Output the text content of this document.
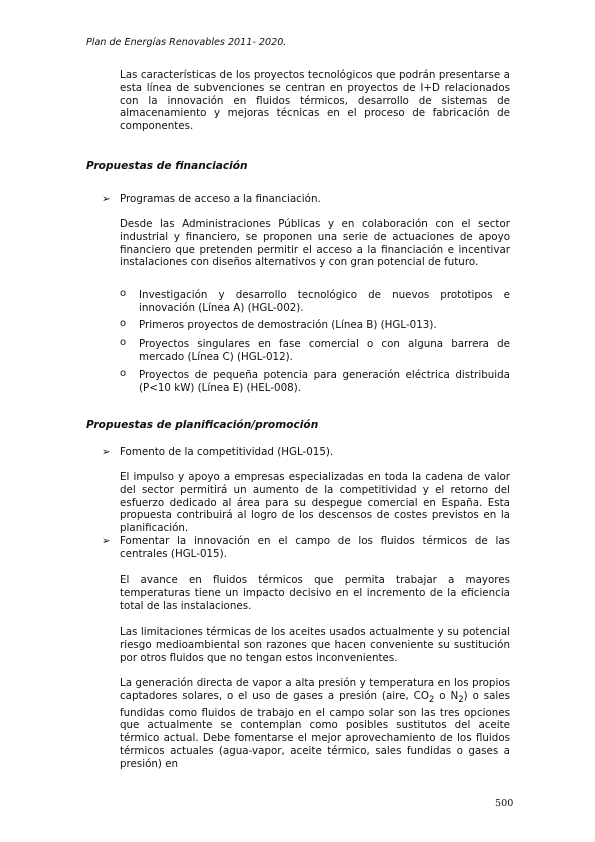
Plan de Energías Renovables 2011- 2020.

Las características de los proyectos tecnológicos que podrán presentarse a esta línea de subvenciones se centran en proyectos de I+D relacionados con la innovación en fluidos térmicos, desarrollo de sistemas de almacenamiento y mejoras técnicas en el proceso de fabricación de componentes.

Propuestas de financiación
➢ Programas de acceso a la financiación.

Desde las Administraciones Públicas y en colaboración con el sector industrial y financiero, se proponen una serie de actuaciones de apoyo financiero que pretenden permitir el acceso a la financiación e incentivar instalaciones con diseños alternativos y con gran potencial de futuro.

o Investigación y desarrollo tecnológico de nuevos prototipos e innovación (Línea A) (HGL-002).
o Primeros proyectos de demostración (Línea B) (HGL-013).
o Proyectos singulares en fase comercial o con alguna barrera de mercado (Línea C) (HGL-012).
o Proyectos de pequeña potencia para generación eléctrica distribuida (P<10 kW) (Línea E) (HEL-008).
Propuestas de planificación/promoción
➢ Fomento de la competitividad (HGL-015).

El impulso y apoyo a empresas especializadas en toda la cadena de valor del sector permitirá un aumento de la competitividad y el retorno del esfuerzo dedicado al área para su despegue comercial en España. Esta propuesta contribuirá al logro de los descensos de costes previstos en la planificación.

➢ Fomentar la innovación en el campo de los fluidos térmicos de las centrales (HGL-015).

El avance en fluidos térmicos que permita trabajar a mayores temperaturas tiene un impacto decisivo en el incremento de la eficiencia total de las instalaciones.

Las limitaciones térmicas de los aceites usados actualmente y su potencial riesgo medioambiental son razones que hacen conveniente su sustitución por otros fluidos que no tengan estos inconvenientes.

La generación directa de vapor a alta presión y temperatura en los propios captadores solares, o el uso de gases a presión (aire, $CO_2$ o $N_2$) o sales fundidas como fluidos de trabajo en el campo solar son las tres opciones que actualmente se contemplan como posibles sustitutos del aceite térmico actual. Debe fomentarse el mejor aprovechamiento de los fluidos térmicos actuales (agua-vapor, aceite térmico, sales fundidas o gases a presión) en

500
